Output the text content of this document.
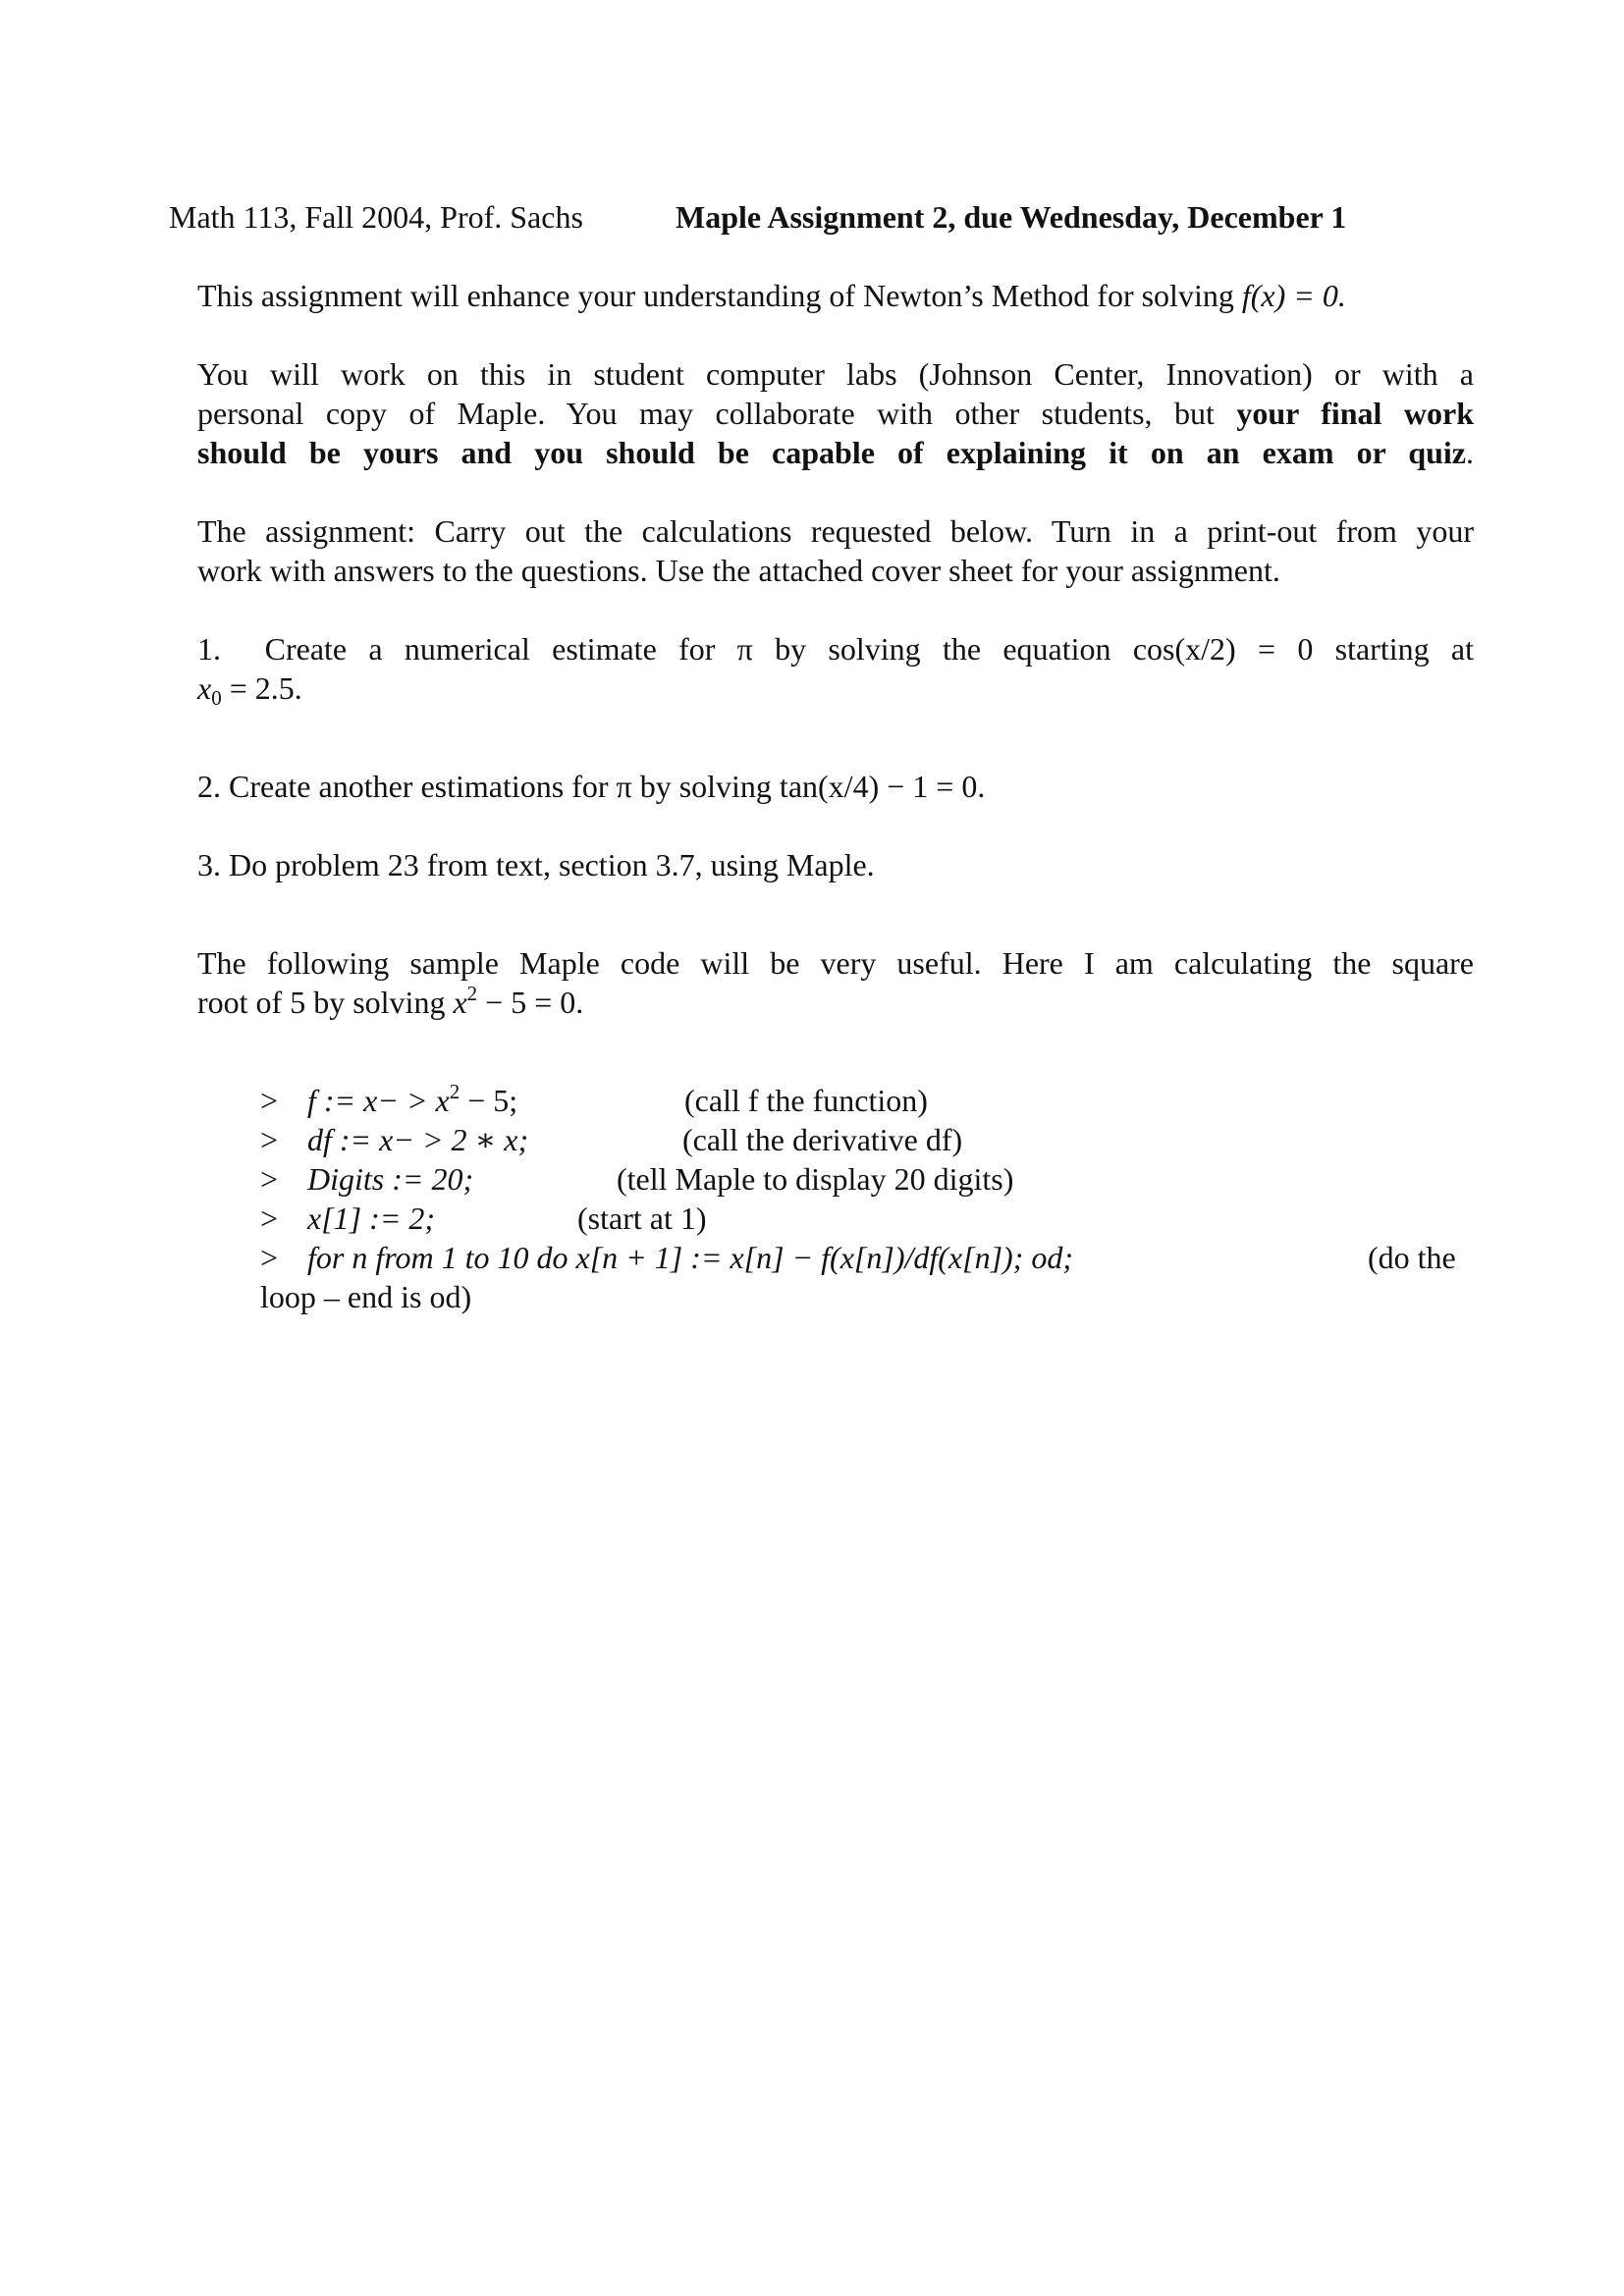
Math 113, Fall 2004, Prof. Sachs	Maple Assignment 2, due Wednesday, December 1
This assignment will enhance your understanding of Newton’s Method for solving f(x) = 0.
You will work on this in student computer labs (Johnson Center, Innovation) or with a
personal copy of Maple. You may collaborate with other students, but your final work
should be yours and you should be capable of explaining it on an exam or quiz.
The assignment: Carry out the calculations requested below. Turn in a print-out from your
work with answers to the questions. Use the attached cover sheet for your assignment.
1. Create a numerical estimate for π by solving the equation cos(x/2) = 0 starting at
$x_0 = 2.5$.
2. Create another estimations for π by solving tan(x/4) − 1 = 0.
3. Do problem 23 from text, section 3.7, using Maple.
The following sample Maple code will be very useful. Here I am calculating the square
root of 5 by solving $x^2 - 5 = 0$.
> f := $x- > x^2 - 5$;	(call f the function)
> df := x− > 2 ∗ x;	(call the derivative df)
> Digits := 20;	(tell Maple to display 20 digits)
> x[1] := 2;	(start at 1)
> for n from 1 to 10 do x[n + 1] := x[n] − f(x[n])/df(x[n]); od;	(do the
loop – end is od)
